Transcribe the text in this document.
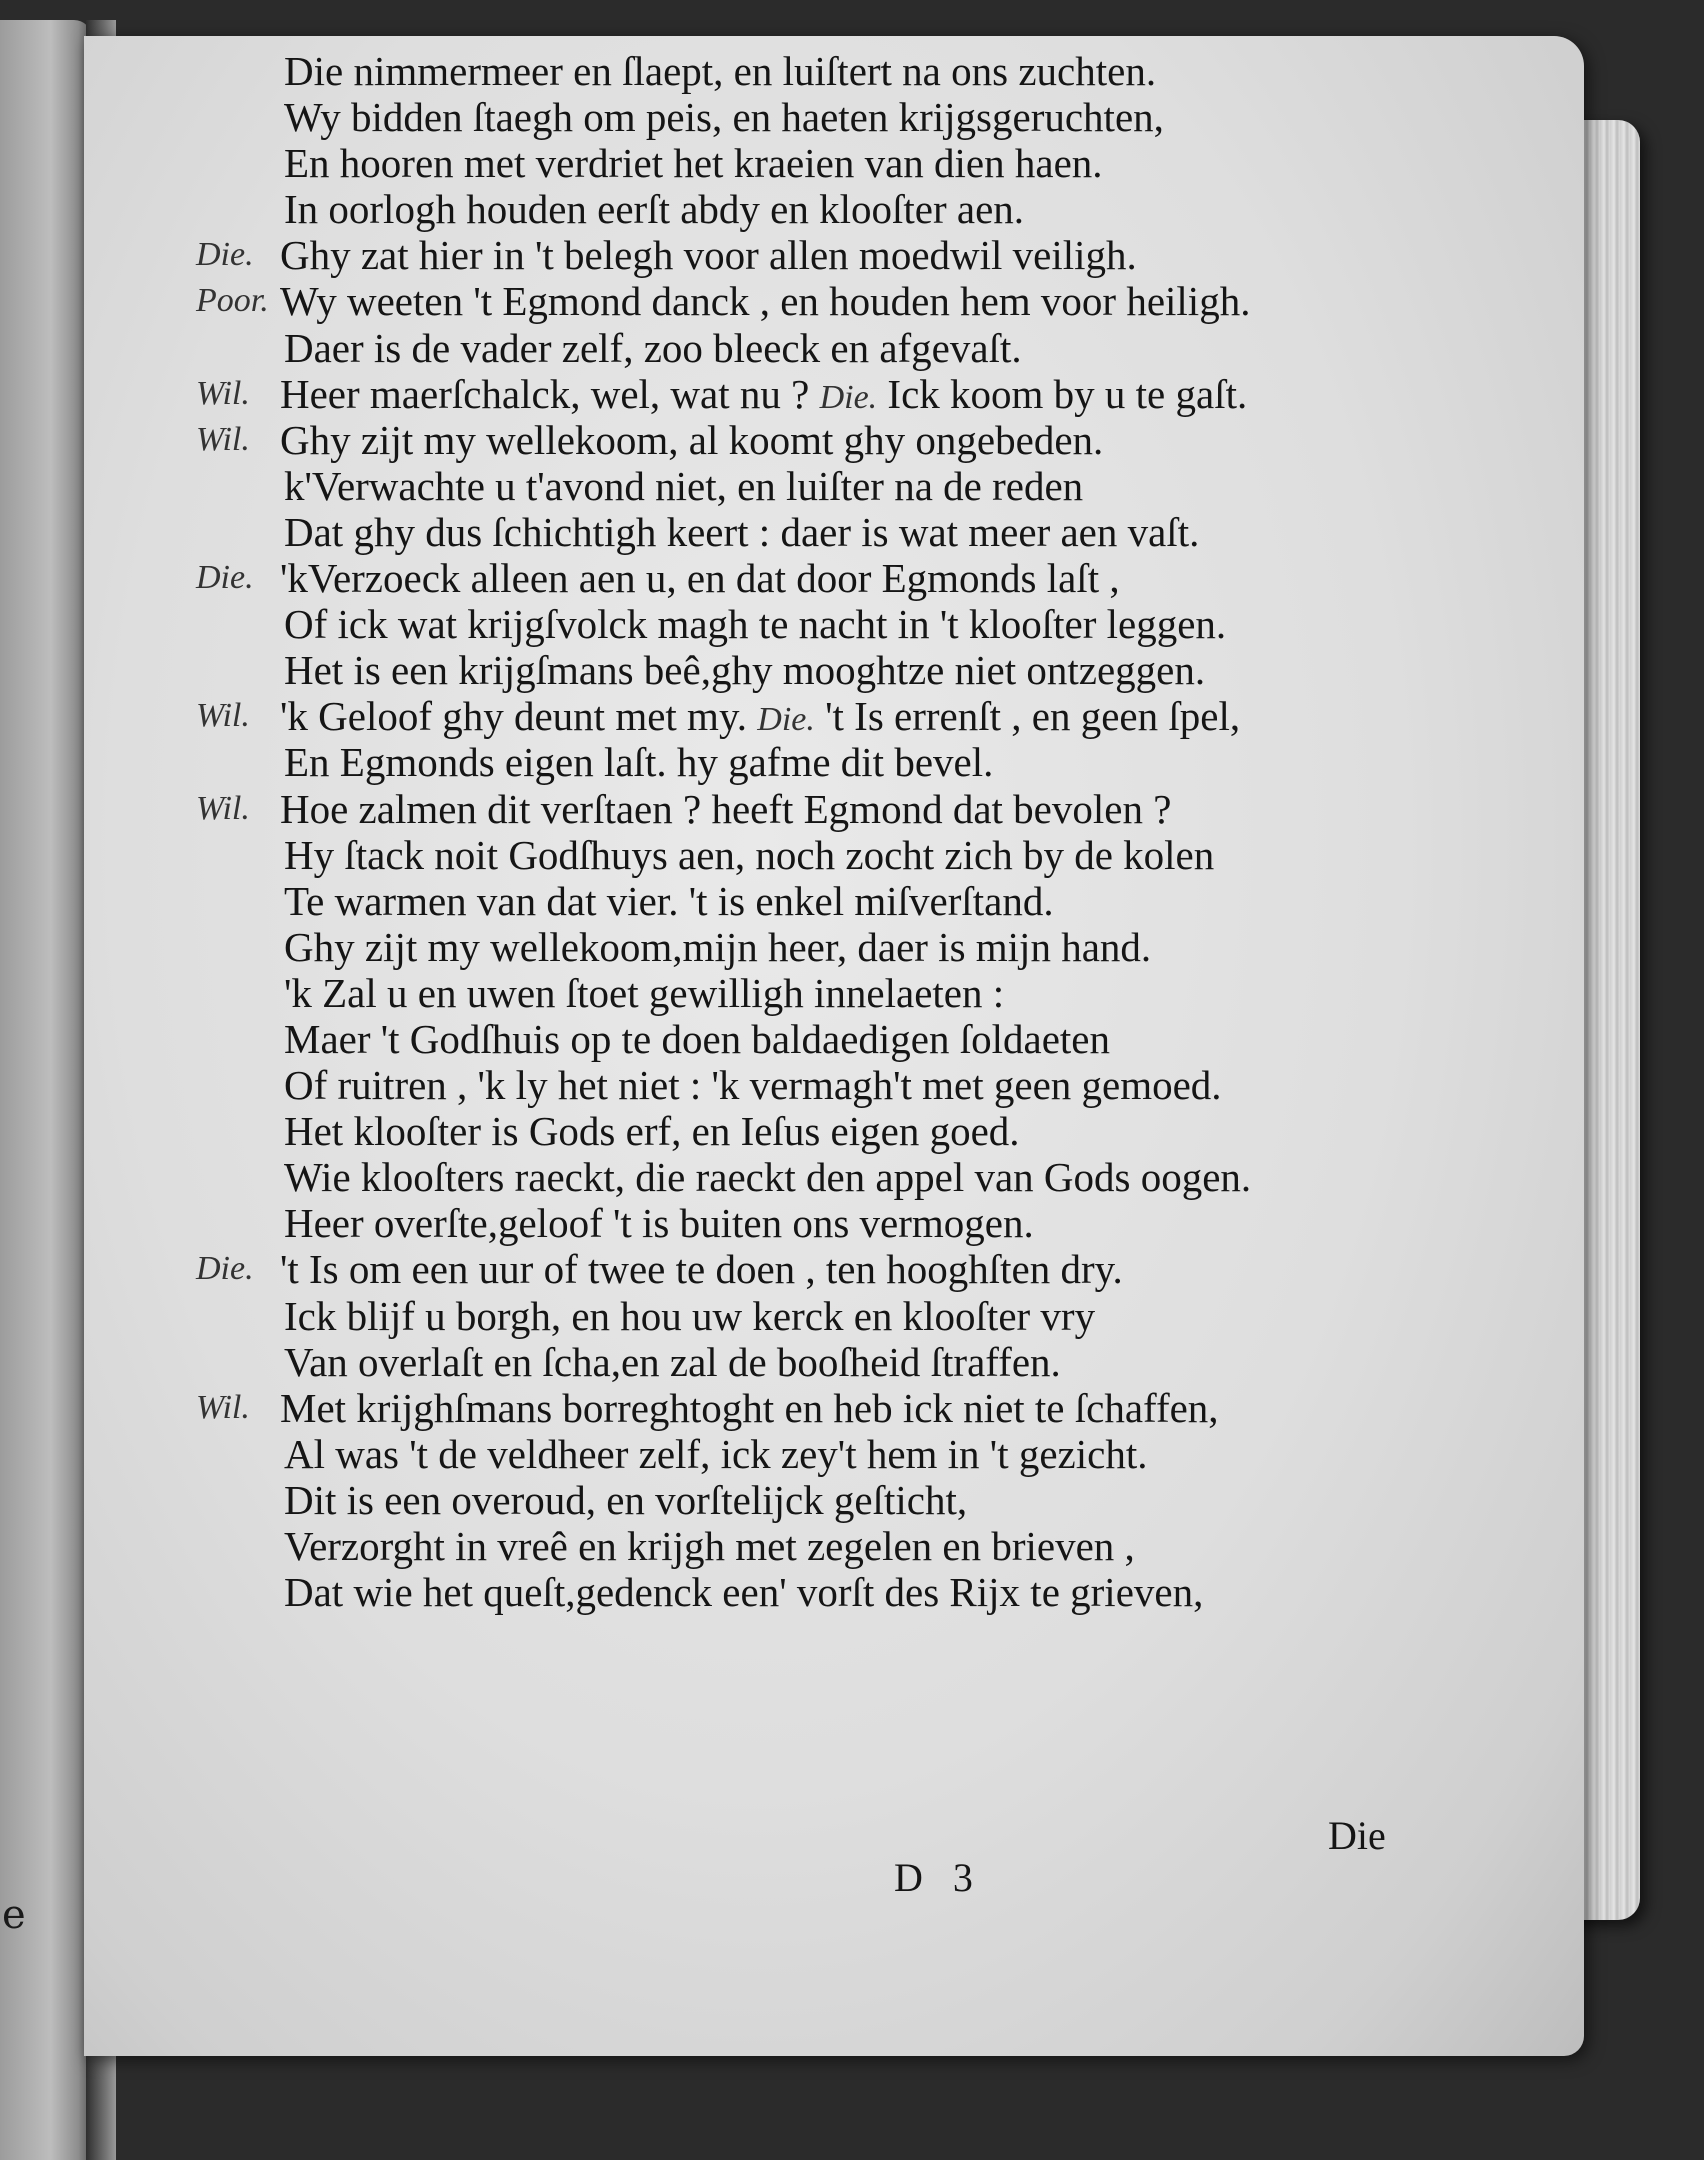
e
Die nimmermeer en ſlaept, en luiſtert na ons zuchten.
Wy bidden ſtaegh om peis, en haeten krijgsgeruchten,
En hooren met verdriet het kraeien van dien haen.
In oorlogh houden eerſt abdy en klooſter aen.
Die. Ghy zat hier in 't belegh voor allen moedwil veiligh.
Poor. Wy weeten 't Egmond danck , en houden hem voor heiligh.
Daer is de vader zelf, zoo bleeck en afgevaſt.
Wil. Heer maerſchalck, wel, wat nu ? Die. Ick koom by u te gaſt.
Wil. Ghy zijt my wellekoom, al koomt ghy ongebeden.
k'Verwachte u t'avond niet, en luiſter na de reden
Dat ghy dus ſchichtigh keert : daer is wat meer aen vaſt.
Die. 'kVerzoeck alleen aen u, en dat door Egmonds laſt ,
Of ick wat krijgſvolck magh te nacht in 't klooſter leggen.
Het is een krijgſmans beê,ghy mooghtze niet ontzeggen.
Wil. 'k Geloof ghy deunt met my. Die. 't Is errenſt , en geen ſpel,
En Egmonds eigen laſt. hy gafme dit bevel.
Wil. Hoe zalmen dit verſtaen ? heeft Egmond dat bevolen ?
Hy ſtack noit Godſhuys aen, noch zocht zich by de kolen
Te warmen van dat vier. 't is enkel miſverſtand.
Ghy zijt my wellekoom,mijn heer, daer is mijn hand.
'k Zal u en uwen ſtoet gewilligh innelaeten :
Maer 't Godſhuis op te doen baldaedigen ſoldaeten
Of ruitren , 'k ly het niet : 'k vermagh't met geen gemoed.
Het klooſter is Gods erf, en Ieſus eigen goed.
Wie klooſters raeckt, die raeckt den appel van Gods oogen.
Heer overſte,geloof 't is buiten ons vermogen.
Die. 't Is om een uur of twee te doen , ten hooghſten dry.
Ick blijf u borgh, en hou uw kerck en klooſter vry
Van overlaſt en ſcha,en zal de booſheid ſtraffen.
Wil. Met krijghſmans borreghtoght en heb ick niet te ſchaffen,
Al was 't de veldheer zelf, ick zey't hem in 't gezicht.
Dit is een overoud, en vorſtelijck geſticht,
Verzorght in vreê en krijgh met zegelen en brieven ,
Dat wie het queſt,gedenck een' vorſt des Rijx te grieven,
Die
D 3
